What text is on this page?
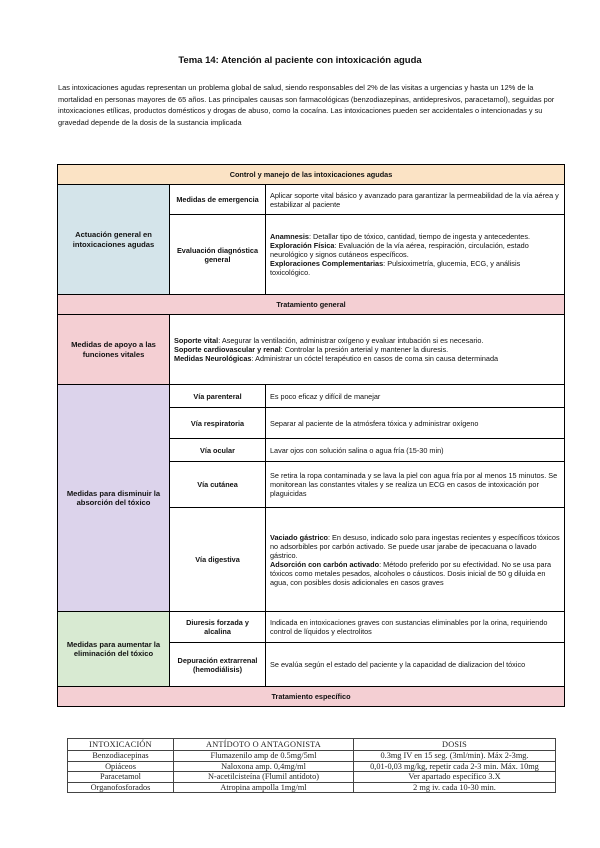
Tema 14: Atención al paciente con intoxicación aguda

Las intoxicaciones agudas representan un problema global de salud, siendo responsables del 2% de las visitas a urgencias y hasta un 12% de la mortalidad en personas mayores de 65 años. Las principales causas son farmacológicas (benzodiazepinas, antidepresivos, paracetamol), seguidas por intoxicaciones etílicas, productos domésticos y drogas de abuso, como la cocaína. Las intoxicaciones pueden ser accidentales o intencionadas y su gravedad depende de la dosis de la sustancia implicada

Control y manejo de las intoxicaciones agudas		
Actuación general en intoxicaciones agudas	Medidas de emergencia	Aplicar soporte vital básico y avanzado para garantizar la permeabilidad de la vía aérea y estabilizar al paciente
	Evaluación diagnóstica general	Anamnesis: Detallar tipo de tóxico, cantidad, tiempo de ingesta y antecedentes.
Exploración Física: Evaluación de la vía aérea, respiración, circulación, estado neurológico y signos cutáneos específicos.
Exploraciones Complementarias: Pulsioximetría, glucemia, ECG, y análisis toxicológico.
Tratamiento general		
Medidas de apoyo a las funciones vitales	Soporte vital: Asegurar la ventilación, administrar oxígeno y evaluar intubación si es necesario.
Soporte cardiovascular y renal: Controlar la presión arterial y mantener la diuresis.
Medidas Neurológicas: Administrar un cóctel terapéutico en casos de coma sin causa determinada	
Medidas para disminuir la absorción del tóxico	Vía parenteral	Es poco eficaz y difícil de manejar
	Vía respiratoria	Separar al paciente de la atmósfera tóxica y administrar oxígeno
	Vía ocular	Lavar ojos con solución salina o agua fría (15-30 min)
	Vía cutánea	Se retira la ropa contaminada y se lava la piel con agua fría por al menos 15 minutos. Se monitorean las constantes vitales y se realiza un ECG en casos de intoxicación por plaguicidas
	Vía digestiva	Vaciado gástrico: En desuso, indicado solo para ingestas recientes y específicos tóxicos no adsorbibles por carbón activado. Se puede usar jarabe de ipecacuana o lavado gástrico.
Adsorción con carbón activado: Método preferido por su efectividad. No se usa para tóxicos como metales pesados, alcoholes o cáusticos. Dosis inicial de 50 g diluida en agua, con posibles dosis adicionales en casos graves
Medidas para aumentar la eliminación del tóxico	Diuresis forzada y alcalina	Indicada en intoxicaciones graves con sustancias eliminables por la orina, requiriendo control de líquidos y electrolitos
	Depuración extrarrenal (hemodiálisis)	Se evalúa según el estado del paciente y la capacidad de dializacion del tóxico
Tratamiento específico		
INTOXICACIÓN	ANTÍDOTO O ANTAGONISTA	DOSIS
Benzodiacepinas	Flumazenilo amp de 0.5mg/5ml	0.3mg IV en 15 seg. (3ml/min). Máx 2-3mg.
Opiáceos	Naloxona amp. 0,4mg/ml	0,01-0,03 mg/kg, repetir cada 2-3 min. Máx. 10mg
Paracetamol	N-acetilcisteína (Flumil antídoto)	Ver apartado específico 3.X
Organofosforados	Atropina ampolla 1mg/ml	2 mg iv. cada 10-30 min.
